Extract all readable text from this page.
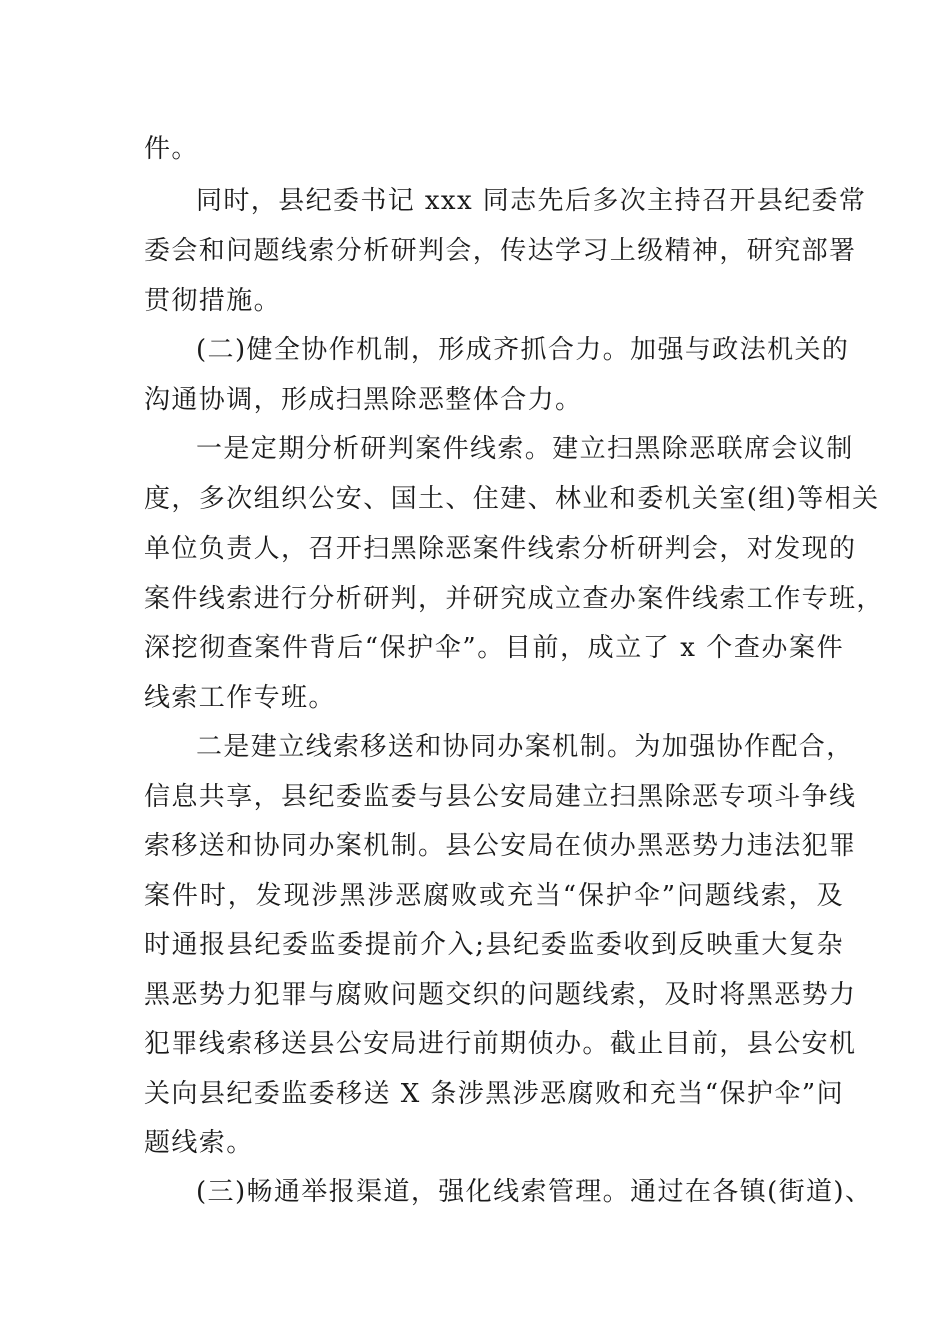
件。

同时，县纪委书记 xxx 同志先后多次主持召开县纪委常

委会和问题线索分析研判会，传达学习上级精神，研究部署

贯彻措施。

(二)健全协作机制，形成齐抓合力。加强与政法机关的

沟通协调，形成扫黑除恶整体合力。

一是定期分析研判案件线索。建立扫黑除恶联席会议制

度，多次组织公安、国土、住建、林业和委机关室(组)等相关

单位负责人，召开扫黑除恶案件线索分析研判会，对发现的

案件线索进行分析研判，并研究成立查办案件线索工作专班，

深挖彻查案件背后“保护伞”。目前，成立了 x 个查办案件

线索工作专班。

二是建立线索移送和协同办案机制。为加强协作配合，

信息共享，县纪委监委与县公安局建立扫黑除恶专项斗争线

索移送和协同办案机制。县公安局在侦办黑恶势力违法犯罪

案件时，发现涉黑涉恶腐败或充当“保护伞”问题线索，及

时通报县纪委监委提前介入;县纪委监委收到反映重大复杂

黑恶势力犯罪与腐败问题交织的问题线索，及时将黑恶势力

犯罪线索移送县公安局进行前期侦办。截止目前，县公安机

关向县纪委监委移送 X 条涉黑涉恶腐败和充当“保护伞”问

题线索。

(三)畅通举报渠道，强化线索管理。通过在各镇(街道)、
